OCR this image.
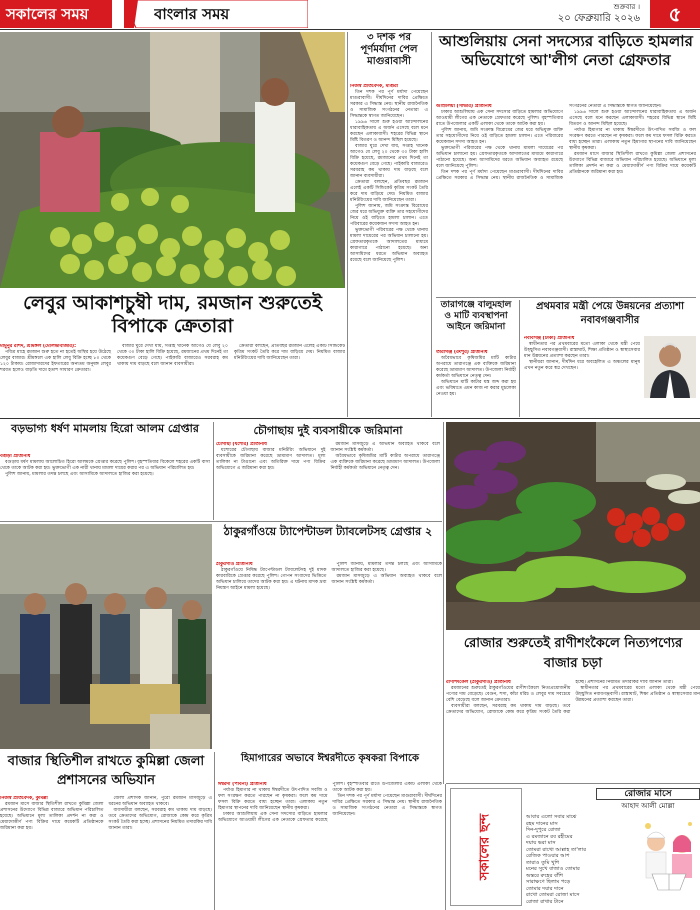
সকালের সময়	বাংলার সময়	শুক্রবার ।
২০ ফেব্রুয়ারি ২০২৬	৫
লেবুর আকাশচুম্বী দাম, রমজান শুরুতেই বিপাকে ক্রেতারা
মামুনুর রশিদ, শ্রীমঙ্গল (মৌলভীবাজার):

পবিত্র মাহে রমজান শুরু হতে না হতেই অস্থির হয়ে উঠেছে লেবুর বাজার। শ্রীমঙ্গলে এক হালি লেবু বিক্রি হচ্ছে ৮০ থেকে ১২০ টাকায়। রোজাদারদের ইফতারের অন্যতম অনুষঙ্গ লেবুর শরবত হলেও বাড়তি দামে হতাশ সাধারণ ক্রেতারা।

বাজার ঘুরে দেখা যায়, সপ্তাহ খানেক আগেও যে লেবু ২০ থেকে ৩০ টাকা হালি বিক্রি হয়েছে, রমজানের প্রথম দিনেই তা কয়েকগুণ বেড়ে গেছে। পাইকারি বাজারেও সরবরাহ কম থাকায় দাম বাড়ছে বলে জানান ব্যবসায়ীরা।

ক্রেতারা বলছেন, প্রতিবছর রমজান এলেই একটি সিন্ডিকেট কৃত্রিম সংকট তৈরি করে দাম বাড়িয়ে দেয়। নিয়মিত বাজার মনিটরিংয়ের দাবি জানিয়েছেন তারা।

৩ দশক পর পূর্ণমর্যাদা পেল মাগুরাবাসী
নিজস্ব প্রতিবেদক, মাগুরা

তিন দশক পর পূর্ণ মর্যাদা পেয়েছেন মাগুরাবাসী। দীর্ঘদিনের দাবির প্রেক্ষিতে সরকার এ সিদ্ধান্ত নেয়। স্থানীয় রাজনৈতিক ও সামাজিক সংগঠনের নেতারা এ সিদ্ধান্তকে স্বাগত জানিয়েছেন।

১৯৯৬ সালে শুরু হওয়া আন্দোলনের ধারাবাহিকতায় এ অর্জন এসেছে বলে মনে করছেন এলাকাবাসী। শহরের বিভিন্ন স্থানে মিষ্টি বিতরণ ও আনন্দ মিছিল হয়েছে।

বাজার ঘুরে দেখা যায়, সপ্তাহ খানেক আগেও যে লেবু ২০ থেকে ৩০ টাকা হালি বিক্রি হয়েছে, রমজানের প্রথম দিনেই তা কয়েকগুণ বেড়ে গেছে। পাইকারি বাজারেও সরবরাহ কম থাকায় দাম বাড়ছে বলে জানান ব্যবসায়ীরা।

ক্রেতারা বলছেন, প্রতিবছর রমজান এলেই একটি সিন্ডিকেট কৃত্রিম সংকট তৈরি করে দাম বাড়িয়ে দেয়। নিয়মিত বাজার মনিটরিংয়ের দাবি জানিয়েছেন তারা।

পুলিশ জানায়, জমি সংক্রান্ত বিরোধের জের ধরে অভিযুক্ত ব্যক্তি তার সহযোগীদের নিয়ে ওই বাড়িতে হামলা চালান। এতে পরিবারের কয়েকজন সদস্য আহত হন।

ভুক্তভোগী পরিবারের পক্ষ থেকে থানায় মামলা দায়েরের পর অভিযান চালানো হয়। গ্রেফতারকৃতকে আদালতের মাধ্যমে কারাগারে পাঠানো হয়েছে। অন্য আসামিদের ধরতে অভিযান অব্যাহত রয়েছে বলে জানিয়েছে পুলিশ।

আশুলিয়ায় সেনা সদস্যের বাড়িতে হামলার অভিযোগে আ'লীগ নেতা গ্রেফতার
আশুলিয়া (সাভার) প্রতিনিধি

ঢাকার আশুলিয়ায় এক সেনা সদস্যের বাড়িতে হামলার অভিযোগে আওয়ামী লীগের এক নেতাকে গ্রেফতার করেছে পুলিশ। বৃহস্পতিবার রাতে উপজেলার একটি এলাকা থেকে তাকে আটক করা হয়।

পুলিশ জানায়, জমি সংক্রান্ত বিরোধের জের ধরে অভিযুক্ত ব্যক্তি তার সহযোগীদের নিয়ে ওই বাড়িতে হামলা চালান। এতে পরিবারের কয়েকজন সদস্য আহত হন।

ভুক্তভোগী পরিবারের পক্ষ থেকে থানায় মামলা দায়েরের পর অভিযান চালানো হয়। গ্রেফতারকৃতকে আদালতের মাধ্যমে কারাগারে পাঠানো হয়েছে। অন্য আসামিদের ধরতে অভিযান অব্যাহত রয়েছে বলে জানিয়েছে পুলিশ।

তিন দশক পর পূর্ণ মর্যাদা পেয়েছেন মাগুরাবাসী। দীর্ঘদিনের দাবির প্রেক্ষিতে সরকার এ সিদ্ধান্ত নেয়। স্থানীয় রাজনৈতিক ও সামাজিক সংগঠনের নেতারা এ সিদ্ধান্তকে স্বাগত জানিয়েছেন।

১৯৯৬ সালে শুরু হওয়া আন্দোলনের ধারাবাহিকতায় এ অর্জন এসেছে বলে মনে করছেন এলাকাবাসী। শহরের বিভিন্ন স্থানে মিষ্টি বিতরণ ও আনন্দ মিছিল হয়েছে।

পর্যাপ্ত হিমাগার না থাকায় ঈশ্বরদীতে উৎপাদিত সবজি ও ফল সংরক্ষণ করতে পারছেন না কৃষকরা। ফলে কম দামে ফসল বিক্রি করতে বাধ্য হচ্ছেন তারা। এলাকায় নতুন হিমাগার স্থাপনের দাবি জানিয়েছেন স্থানীয় কৃষকরা।

রমজান মাসে বাজার স্থিতিশীল রাখতে কুমিল্লা জেলা প্রশাসনের উদ্যোগে বিভিন্ন বাজারে অভিযান পরিচালিত হয়েছে। অভিযানে মূল্য তালিকা প্রদর্শন না করা ও মেয়াদোত্তীর্ণ পণ্য বিক্রির দায়ে কয়েকটি প্রতিষ্ঠানকে জরিমানা করা হয়।

তারাগঞ্জে বালুমহাল ও মাটি ব্যবস্থাপনা আইনে জরিমানা
তারাগঞ্জ (রংপুর) প্রতিনিধি

অবৈধভাবে কৃষিজমির মাটি কাটার অপরাধে তারাগঞ্জে এক ব্যক্তিকে জরিমানা করেছে ভ্রাম্যমাণ আদালত। উপজেলা নির্বাহী কর্মকর্তা অভিযানে নেতৃত্ব দেন।

অভিযানে মাটি কাটার যন্ত্র জব্দ করা হয় এবং ভবিষ্যতে এমন কাজ না করার মুচলেকা নেওয়া হয়।

প্রথমবার মন্ত্রী পেয়ে উন্নয়নের প্রত্যাশা নবাবগঞ্জবাসীর
নবাবগঞ্জ (ঢাকা) প্রতিনিধি

স্বাধীনতার পর প্রথমবারের মতো এলাকা থেকে মন্ত্রী পেয়ে উচ্ছ্বসিত নবাবগঞ্জবাসী। রাস্তাঘাট, শিক্ষা প্রতিষ্ঠান ও স্বাস্থ্যসেবার মান উন্নয়নের প্রত্যাশা করছেন তারা।

স্থানীয়রা জানান, দীর্ঘদিন ধরে অবহেলিত এ অঞ্চলের মানুষ এখন নতুন করে স্বপ্ন দেখছেন।

বড়ভাগ্য ধর্ষণ মামলায় হিরো আলম গ্রেপ্তার
বগুড়া প্রতিনিধি

বগুড়ায় ধর্ষণ মামলায় আলোচিত হিরো আলমকে গ্রেপ্তার করেছে পুলিশ। বৃহস্পতিবার বিকেলে শহরের একটি বাসা থেকে তাকে আটক করা হয়। ভুক্তভোগী এক নারী থানায় মামলা দায়ের করার পর এ অভিযান পরিচালিত হয়।

পুলিশ জানায়, মামলার তদন্ত চলছে এবং আসামিকে আদালতে হাজির করা হয়েছে।

চৌগাছায় দুই ব্যবসায়ীকে জরিমানা
চৌগাছা (যশোর) প্রতিনিধি

যশোরের চৌগাছায় বাজার মনিটরিং অভিযানে দুই ব্যবসায়ীকে জরিমানা করেছে ভ্রাম্যমাণ আদালত। মূল্য তালিকা না টাঙানো এবং অতিরিক্ত দামে পণ্য বিক্রির অভিযোগে এ জরিমানা করা হয়।

রমজান মাসজুড়ে এ অভিযান অব্যাহত থাকবে বলে জানান সংশ্লিষ্ট কর্মকর্তা।

অবৈধভাবে কৃষিজমির মাটি কাটার অপরাধে তারাগঞ্জে এক ব্যক্তিকে জরিমানা করেছে ভ্রাম্যমাণ আদালত। উপজেলা নির্বাহী কর্মকর্তা অভিযানে নেতৃত্ব দেন।

ঠাকুরগাঁওয়ে ট্যাপেন্টাডল ট্যাবলেটসহ গ্রেপ্তার ২
ঠাকুরগাঁও প্রতিনিধি

ঠাকুরগাঁওয়ে নিষিদ্ধ ট্যাপেন্টাডল ট্যাবলেটসহ দুই মাদক কারবারিকে গ্রেপ্তার করেছে পুলিশ। গোপন সংবাদের ভিত্তিতে অভিযান চালিয়ে তাদের আটক করা হয়। এ ঘটনায় মাদক দ্রব্য নিয়ন্ত্রণ আইনে মামলা হয়েছে।

পুলিশ জানায়, মামলার তদন্ত চলছে এবং আসামিকে আদালতে হাজির করা হয়েছে।

রমজান মাসজুড়ে এ অভিযান অব্যাহত থাকবে বলে জানান সংশ্লিষ্ট কর্মকর্তা।

রোজার শুরুতেই রাণীশংকৈলে নিত্যপণ্যের বাজার চড়া
রাণীশংকৈল (ঠাকুরগাঁও) প্রতিনিধি

রমজানের শুরুতেই ঠাকুরগাঁওয়ের রাণীশংকৈলে নিত্যপ্রয়োজনীয় পণ্যের দাম বেড়েছে। বেগুন, শসা, কাঁচা মরিচ ও লেবুর দাম সবচেয়ে বেশি বেড়েছে বলে জানান ক্রেতারা।

ব্যবসায়ীরা বলছেন, সরবরাহ কম থাকায় দাম বাড়ছে। তবে ক্রেতাদের অভিযোগ, রোজাকে কেন্দ্র করে কৃত্রিম সংকট তৈরি করা হচ্ছে। প্রশাসনের নিয়মিত তদারকির দাবি জানান তারা।

স্বাধীনতার পর প্রথমবারের মতো এলাকা থেকে মন্ত্রী পেয়ে উচ্ছ্বসিত নবাবগঞ্জবাসী। রাস্তাঘাট, শিক্ষা প্রতিষ্ঠান ও স্বাস্থ্যসেবার মান উন্নয়নের প্রত্যাশা করছেন তারা।

বাজার স্থিতিশীল রাখতে কুমিল্লা জেলা প্রশাসনের অভিযান
নিজস্ব প্রতিবেদক, কুমিল্লা

রমজান মাসে বাজার স্থিতিশীল রাখতে কুমিল্লা জেলা প্রশাসনের উদ্যোগে বিভিন্ন বাজারে অভিযান পরিচালিত হয়েছে। অভিযানে মূল্য তালিকা প্রদর্শন না করা ও মেয়াদোত্তীর্ণ পণ্য বিক্রির দায়ে কয়েকটি প্রতিষ্ঠানকে জরিমানা করা হয়।

জেলা প্রশাসক জানান, পুরো রমজান মাসজুড়ে এ ধরনের অভিযান অব্যাহত থাকবে।

ব্যবসায়ীরা বলছেন, সরবরাহ কম থাকায় দাম বাড়ছে। তবে ক্রেতাদের অভিযোগ, রোজাকে কেন্দ্র করে কৃত্রিম সংকট তৈরি করা হচ্ছে। প্রশাসনের নিয়মিত তদারকির দাবি জানান তারা।

হিমাগারের অভাবে ঈশ্বরদীতে কৃষকরা বিপাকে
ঈশ্বরদী (পাবনা) প্রতিনিধি

পর্যাপ্ত হিমাগার না থাকায় ঈশ্বরদীতে উৎপাদিত সবজি ও ফল সংরক্ষণ করতে পারছেন না কৃষকরা। ফলে কম দামে ফসল বিক্রি করতে বাধ্য হচ্ছেন তারা। এলাকায় নতুন হিমাগার স্থাপনের দাবি জানিয়েছেন স্থানীয় কৃষকরা।

ঢাকার আশুলিয়ায় এক সেনা সদস্যের বাড়িতে হামলার অভিযোগে আওয়ামী লীগের এক নেতাকে গ্রেফতার করেছে পুলিশ। বৃহস্পতিবার রাতে উপজেলার একটি এলাকা থেকে তাকে আটক করা হয়।

তিন দশক পর পূর্ণ মর্যাদা পেয়েছেন মাগুরাবাসী। দীর্ঘদিনের দাবির প্রেক্ষিতে সরকার এ সিদ্ধান্ত নেয়। স্থানীয় রাজনৈতিক ও সামাজিক সংগঠনের নেতারা এ সিদ্ধান্তকে স্বাগত জানিয়েছেন।	সকালের ছন্দ
রোজার মাসে
আহাদ আলী মোল্লা
আবার এলো সবার মাঝে
রহম দানের মাস
দিন-দুপুরে রোজা
এ রমজানে রব রহীমের
দয়ায় ভরা মাস
তোমরা রাখো আল্লাহ তা'লার
রেজিক পাওয়ার আশ
তারাও তুমি খুশি
মনের সুখে বাজাও তোমার
অন্তরে রুহের বাঁশি
সারাক্ষণে ছিলাম পড়ে
তোমার দয়ার দানে
রাখো তোমরা রোজা মাসে
রোজা রাখার টানে
